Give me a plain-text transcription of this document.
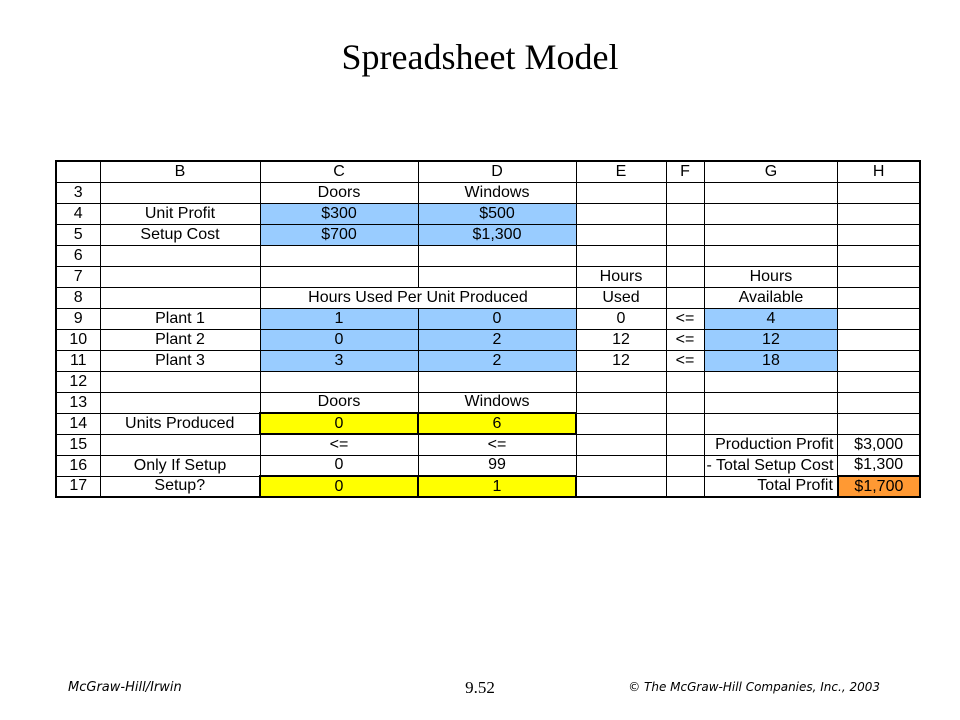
Spreadsheet Model
	B	C	D	E	F	G	H
3		Doors	Windows				
4	Unit Profit	$300	$500				
5	Setup Cost	$700	$1,300				
6							
7				Hours		Hours	
8		Hours Used Per Unit Produced		Used		Available	
9	Plant 1	1	0	0	<=	4	
10	Plant 2	0	2	12	<=	12	
11	Plant 3	3	2	12	<=	18	
12							
13		Doors	Windows				
14	Units Produced	0	6				
15		<=	<=			Production Profit	$3,000
16	Only If Setup	0	99			- Total Setup Cost	$1,300
17	Setup?	0	1			Total Profit	$1,700
McGraw-Hill/Irwin	9.52	© The McGraw-Hill Companies, Inc., 2003
